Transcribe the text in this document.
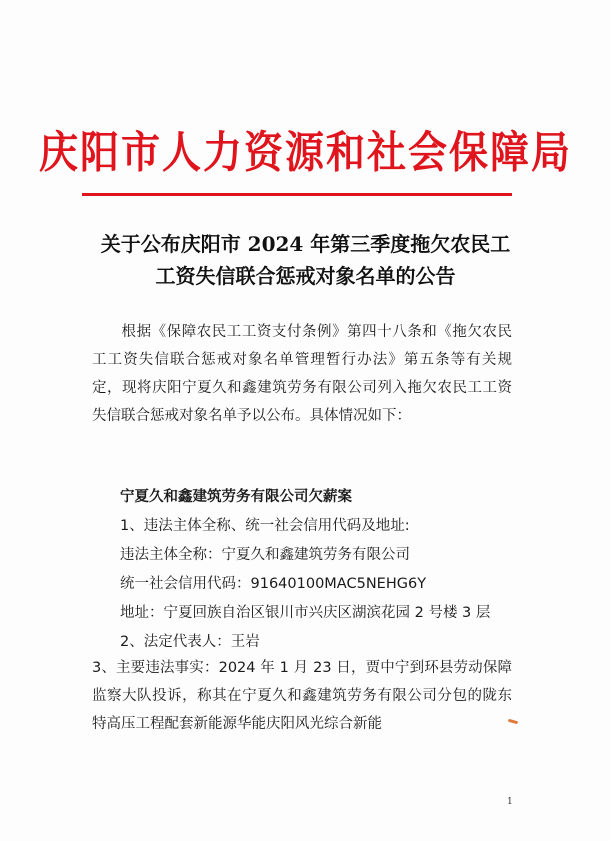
庆阳市人力资源和社会保障局
关于公布庆阳市 2024 年第三季度拖欠农民工
工资失信联合惩戒对象名单的公告
根据《保障农民工工资支付条例》第四十八条和《拖欠农民工工资失信联合惩戒对象名单管理暂行办法》第五条等有关规定，现将庆阳宁夏久和鑫建筑劳务有限公司列入拖欠农民工工资失信联合惩戒对象名单予以公布。具体情况如下：
宁夏久和鑫建筑劳务有限公司欠薪案
1、违法主体全称、统一社会信用代码及地址:
违法主体全称：宁夏久和鑫建筑劳务有限公司
统一社会信用代码：91640100MAC5NEHG6Y
地址：宁夏回族自治区银川市兴庆区湖滨花园 2 号楼 3 层
2、法定代表人：王岩
3、主要违法事实：2024 年 1 月 23 日，贾中宁到环县劳动保障监察大队投诉，称其在宁夏久和鑫建筑劳务有限公司分包的陇东特高压工程配套新能源华能庆阳风光综合新能
1
